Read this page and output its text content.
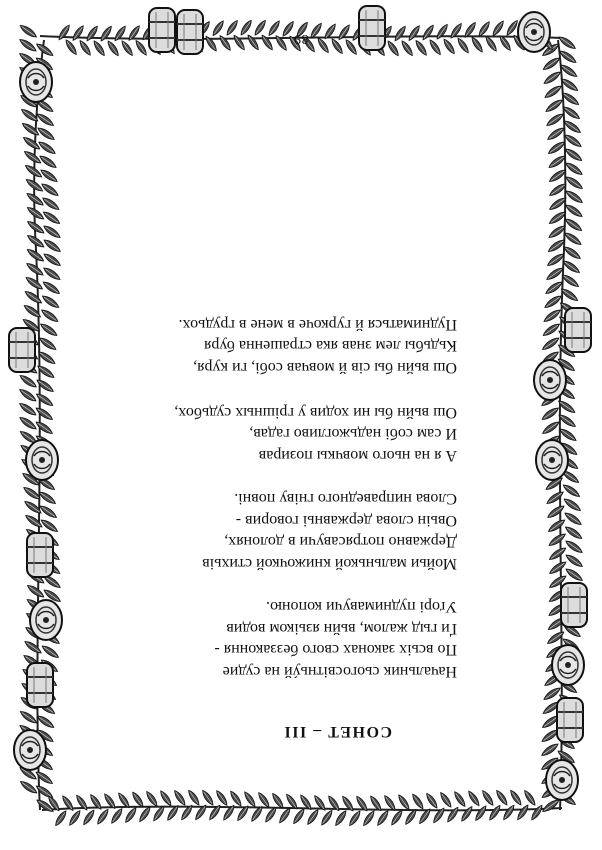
89
СОНЕТ – III
Начальник сьогосвітньýй на судие
По всьіх законах свого беззаконня -
Ґи гыд жалом, вьйн язьіком водив
Уґорі пуднимавучи копоню.
Мойьи мальнькой книжочкой стихьів
Державно потрясавучи в долонях,
Овьін слова державньі говорив -
Слова ниправедного гніву повні.
А я на нього мовчкы позирав
И сам собі надьжогливо гадав,
Ош вьйн бы ни ходив у грішных судьбох,
Ош вьйн бы сів й мовчав собі, ги куря,
Кьдьбы лем знав яка страшенна буря
Пудниматься й гуркоче в мене в грудьох.
